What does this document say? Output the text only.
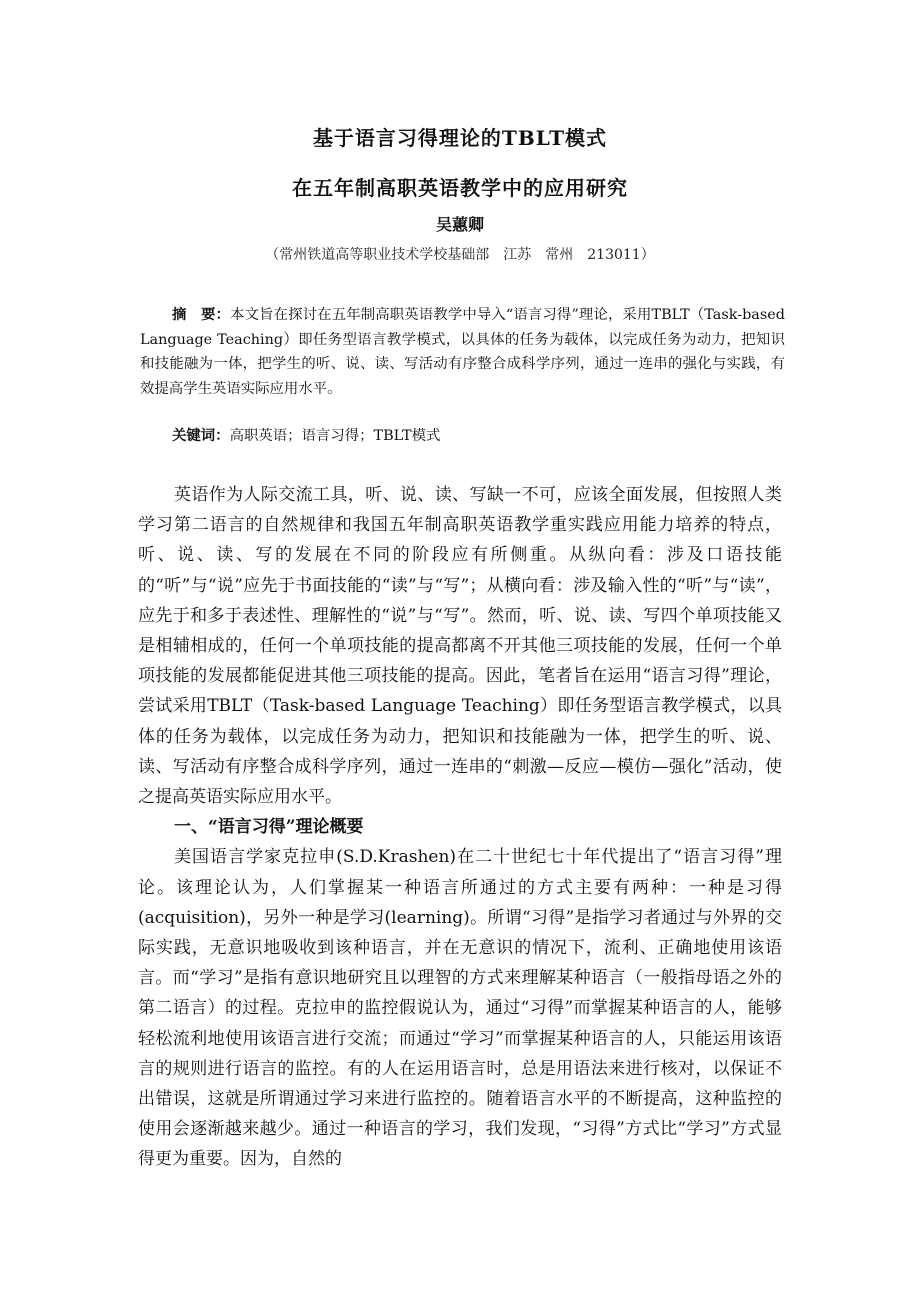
基于语言习得理论的TBLT模式
在五年制高职英语教学中的应用研究
吴蕙卿
（常州铁道高等职业技术学校基础部　江苏　常州　213011）
摘　要：本文旨在探讨在五年制高职英语教学中导入“语言习得”理论，采用TBLT（Task-based Language Teaching）即任务型语言教学模式，以具体的任务为载体，以完成任务为动力，把知识和技能融为一体，把学生的听、说、读、写活动有序整合成科学序列，通过一连串的强化与实践，有效提高学生英语实际应用水平。
关键词：高职英语；语言习得；TBLT模式

英语作为人际交流工具，听、说、读、写缺一不可，应该全面发展，但按照人类学习第二语言的自然规律和我国五年制高职英语教学重实践应用能力培养的特点，听、说、读、写的发展在不同的阶段应有所侧重。从纵向看：涉及口语技能的“听”与“说”应先于书面技能的“读”与“写”；从横向看：涉及输入性的“听”与“读”，应先于和多于表述性、理解性的“说”与“写”。然而，听、说、读、写四个单项技能又是相辅相成的，任何一个单项技能的提高都离不开其他三项技能的发展，任何一个单项技能的发展都能促进其他三项技能的提高。因此，笔者旨在运用“语言习得”理论，尝试采用TBLT（Task-based Language Teaching）即任务型语言教学模式，以具体的任务为载体，以完成任务为动力，把知识和技能融为一体，把学生的听、说、读、写活动有序整合成科学序列，通过一连串的“刺激—反应—模仿—强化”活动，使之提高英语实际应用水平。

一、“语言习得”理论概要

美国语言学家克拉申(S.D.Krashen)在二十世纪七十年代提出了“语言习得”理论。该理论认为，人们掌握某一种语言所通过的方式主要有两种：一种是习得(acquisition)，另外一种是学习(learning)。所谓“习得”是指学习者通过与外界的交际实践，无意识地吸收到该种语言，并在无意识的情况下，流利、正确地使用该语言。而“学习”是指有意识地研究且以理智的方式来理解某种语言（一般指母语之外的第二语言）的过程。克拉申的监控假说认为，通过“习得”而掌握某种语言的人，能够轻松流利地使用该语言进行交流；而通过“学习”而掌握某种语言的人，只能运用该语言的规则进行语言的监控。有的人在运用语言时，总是用语法来进行核对，以保证不出错误，这就是所谓通过学习来进行监控的。随着语言水平的不断提高，这种监控的使用会逐渐越来越少。通过一种语言的学习，我们发现，“习得”方式比“学习”方式显得更为重要。因为，自然的
